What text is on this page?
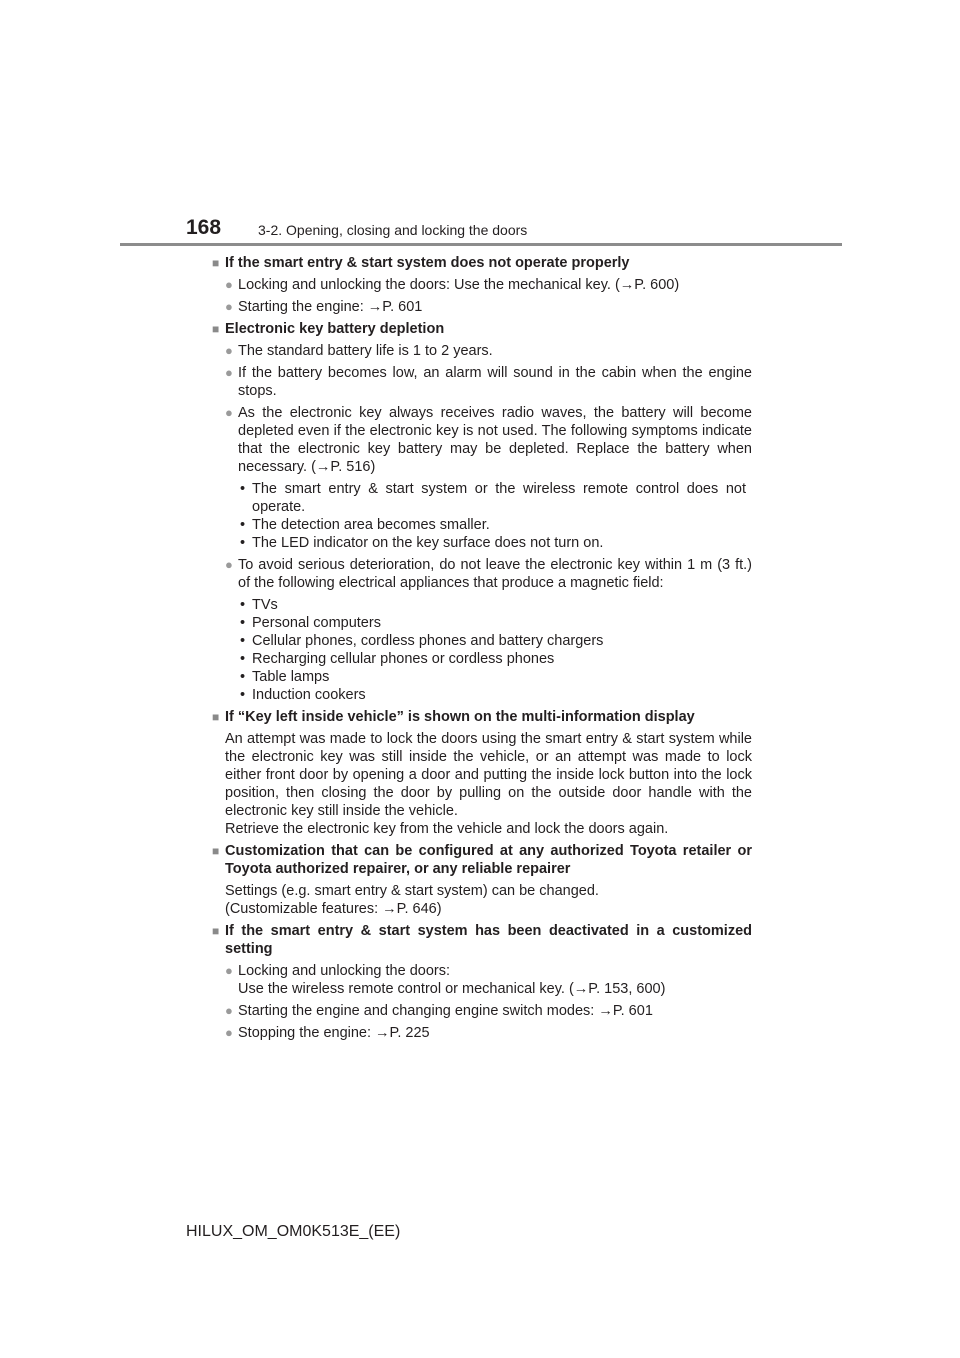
168	3-2. Opening, closing and locking the doors
■ If the smart entry & start system does not operate properly
● Locking and unlocking the doors: Use the mechanical key. (→P. 600)
● Starting the engine: →P. 601
■ Electronic key battery depletion
● The standard battery life is 1 to 2 years.
● If the battery becomes low, an alarm will sound in the cabin when the engine stops.
● As the electronic key always receives radio waves, the battery will become depleted even if the electronic key is not used. The following symptoms indicate that the electronic key battery may be depleted. Replace the battery when necessary. (→P. 516)
• The smart entry & start system or the wireless remote control does not operate.
• The detection area becomes smaller.
• The LED indicator on the key surface does not turn on.
● To avoid serious deterioration, do not leave the electronic key within 1 m (3 ft.) of the following electrical appliances that produce a magnetic field:
• TVs
• Personal computers
• Cellular phones, cordless phones and battery chargers
• Recharging cellular phones or cordless phones
• Table lamps
• Induction cookers
■ If “Key left inside vehicle” is shown on the multi-information display
An attempt was made to lock the doors using the smart entry & start system while the electronic key was still inside the vehicle, or an attempt was made to lock either front door by opening a door and putting the inside lock button into the lock position, then closing the door by pulling on the outside door handle with the electronic key still inside the vehicle.
Retrieve the electronic key from the vehicle and lock the doors again.
■ Customization that can be configured at any authorized Toyota retailer or Toyota authorized repairer, or any reliable repairer
Settings (e.g. smart entry & start system) can be changed.
(Customizable features: →P. 646)
■ If the smart entry & start system has been deactivated in a customized setting
● Locking and unlocking the doors:
Use the wireless remote control or mechanical key. (→P. 153, 600)
● Starting the engine and changing engine switch modes: →P. 601
● Stopping the engine: →P. 225
HILUX_OM_OM0K513E_(EE)
